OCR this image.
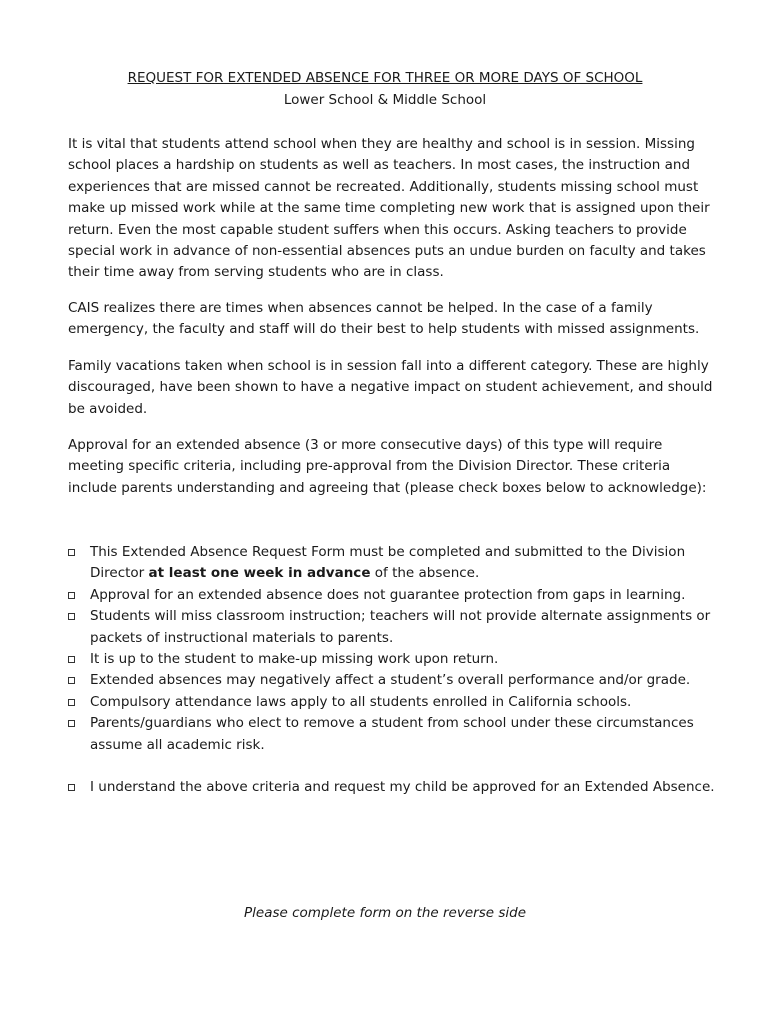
REQUEST FOR EXTENDED ABSENCE FOR THREE OR MORE DAYS OF SCHOOL
Lower School & Middle School

It is vital that students attend school when they are healthy and school is in session. Missing school places a hardship on students as well as teachers. In most cases, the instruction and experiences that are missed cannot be recreated. Additionally, students missing school must make up missed work while at the same time completing new work that is assigned upon their return. Even the most capable student suffers when this occurs. Asking teachers to provide special work in advance of non-essential absences puts an undue burden on faculty and takes their time away from serving students who are in class.

CAIS realizes there are times when absences cannot be helped. In the case of a family emergency, the faculty and staff will do their best to help students with missed assignments.

Family vacations taken when school is in session fall into a different category. These are highly discouraged, have been shown to have a negative impact on student achievement, and should be avoided.

Approval for an extended absence (3 or more consecutive days) of this type will require meeting specific criteria, including pre-approval from the Division Director. These criteria include parents understanding and agreeing that (please check boxes below to acknowledge):

This Extended Absence Request Form must be completed and submitted to the Division Director at least one week in advance of the absence.
Approval for an extended absence does not guarantee protection from gaps in learning.
Students will miss classroom instruction; teachers will not provide alternate assignments or packets of instructional materials to parents.
It is up to the student to make-up missing work upon return.
Extended absences may negatively affect a student’s overall performance and/or grade.
Compulsory attendance laws apply to all students enrolled in California schools.
Parents/guardians who elect to remove a student from school under these circumstances assume all academic risk.
I understand the above criteria and request my child be approved for an Extended Absence.
Please complete form on the reverse side
